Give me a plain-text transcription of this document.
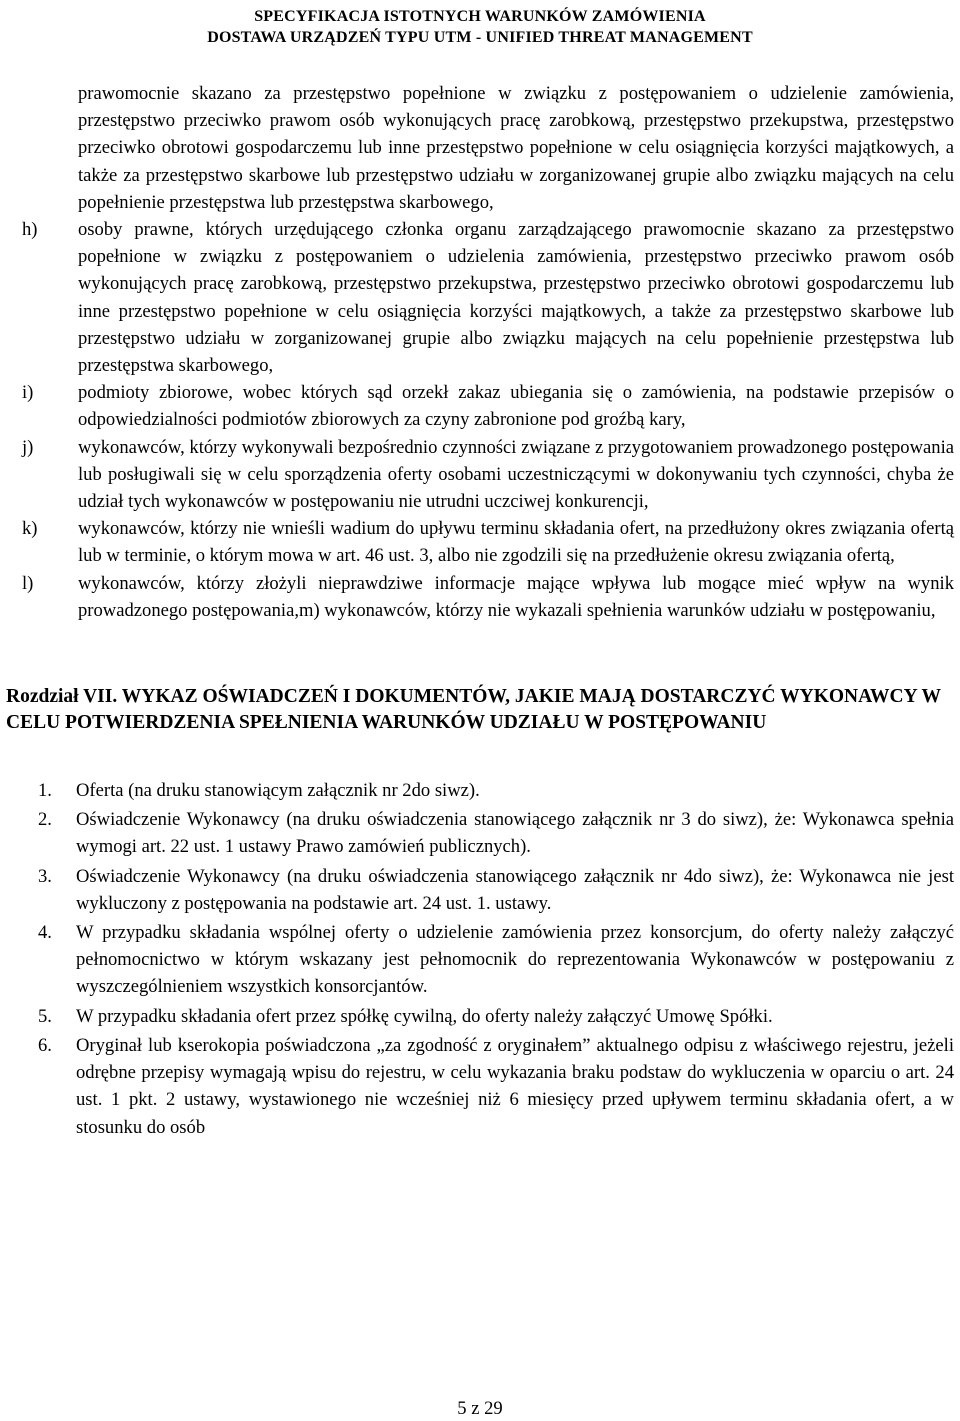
SPECYFIKACJA ISTOTNYCH WARUNKÓW ZAMÓWIENIA
DOSTAWA URZĄDZEŃ TYPU UTM - UNIFIED THREAT MANAGEMENT

prawomocnie skazano za przestępstwo popełnione w związku z postępowaniem o udzielenie zamówienia, przestępstwo przeciwko prawom osób wykonujących pracę zarobkową, przestępstwo przekupstwa, przestępstwo przeciwko obrotowi gospodarczemu lub inne przestępstwo popełnione w celu osiągnięcia korzyści majątkowych, a także za przestępstwo skarbowe lub przestępstwo udziału w zorganizowanej grupie albo związku mających na celu popełnienie przestępstwa lub przestępstwa skarbowego,

h) osoby prawne, których urzędującego członka organu zarządzającego prawomocnie skazano za przestępstwo popełnione w związku z postępowaniem o udzielenia zamówienia, przestępstwo przeciwko prawom osób wykonujących pracę zarobkową, przestępstwo przekupstwa, przestępstwo przeciwko obrotowi gospodarczemu lub inne przestępstwo popełnione w celu osiągnięcia korzyści majątkowych, a także za przestępstwo skarbowe lub przestępstwo udziału w zorganizowanej grupie albo związku mających na celu popełnienie przestępstwa lub przestępstwa skarbowego,
i) podmioty zbiorowe, wobec których sąd orzekł zakaz ubiegania się o zamówienia, na podstawie przepisów o odpowiedzialności podmiotów zbiorowych za czyny zabronione pod groźbą kary,
j) wykonawców, którzy wykonywali bezpośrednio czynności związane z przygotowaniem prowadzonego postępowania lub posługiwali się w celu sporządzenia oferty osobami uczestniczącymi w dokonywaniu tych czynności, chyba że udział tych wykonawców w postępowaniu nie utrudni uczciwej konkurencji,
k) wykonawców, którzy nie wnieśli wadium do upływu terminu składania ofert, na przedłużony okres związania ofertą lub w terminie, o którym mowa w art. 46 ust. 3, albo nie zgodzili się na przedłużenie okresu związania ofertą,
l) wykonawców, którzy złożyli nieprawdziwe informacje mające wpływa lub mogące mieć wpływ na wynik prowadzonego postępowania,m) wykonawców, którzy nie wykazali spełnienia warunków udziału w postępowaniu,
Rozdział VII. WYKAZ OŚWIADCZEŃ I DOKUMENTÓW, JAKIE MAJĄ DOSTARCZYĆ WYKONAWCY W CELU POTWIERDZENIA SPEŁNIENIA WARUNKÓW UDZIAŁU W POSTĘPOWANIU
1. Oferta (na druku stanowiącym załącznik nr 2do siwz).
2. Oświadczenie Wykonawcy (na druku oświadczenia stanowiącego załącznik nr 3 do siwz), że: Wykonawca spełnia wymogi art. 22 ust. 1 ustawy Prawo zamówień publicznych).
3. Oświadczenie Wykonawcy (na druku oświadczenia stanowiącego załącznik nr 4do siwz), że: Wykonawca nie jest wykluczony z postępowania na podstawie art. 24 ust. 1. ustawy.
4. W przypadku składania wspólnej oferty o udzielenie zamówienia przez konsorcjum, do oferty należy załączyć pełnomocnictwo w którym wskazany jest pełnomocnik do reprezentowania Wykonawców w postępowaniu z wyszczególnieniem wszystkich konsorcjantów.
5. W przypadku składania ofert przez spółkę cywilną, do oferty należy załączyć Umowę Spółki.
6. Oryginał lub kserokopia poświadczona „za zgodność z oryginałem” aktualnego odpisu z właściwego rejestru, jeżeli odrębne przepisy wymagają wpisu do rejestru, w celu wykazania braku podstaw do wykluczenia w oparciu o art. 24 ust. 1 pkt. 2 ustawy, wystawionego nie wcześniej niż 6 miesięcy przed upływem terminu składania ofert, a w stosunku do osób
5 z 29
